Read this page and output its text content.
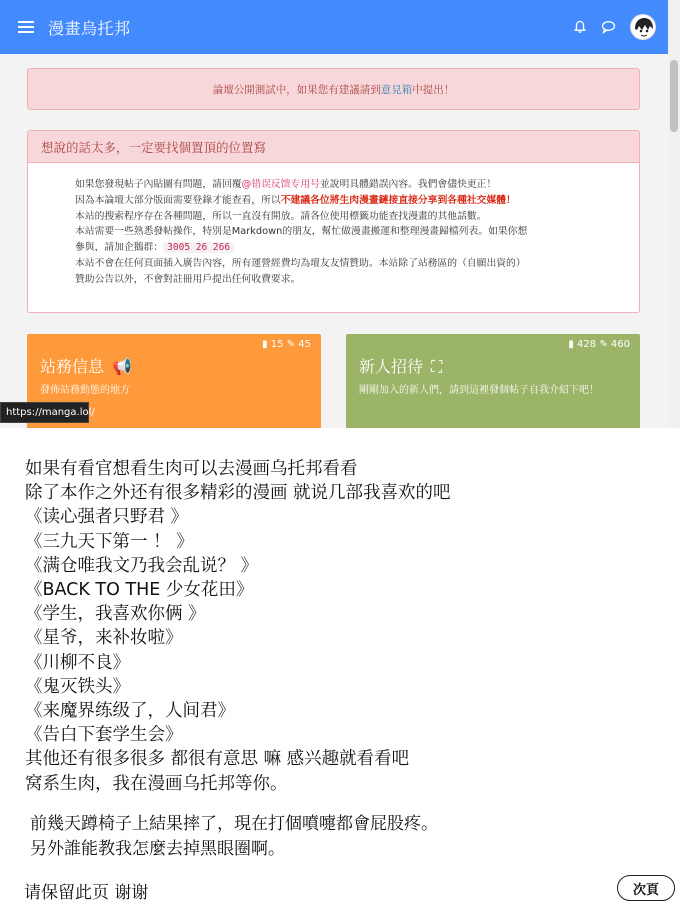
漫畫烏托邦
論壇公開測試中，如果您有建議請到 意見箱 中提出！
想說的話太多，一定要找個置頂的位置寫
如果您發現帖子內貼圖有問題，請回覆@错误反馈专用号並說明具體錯誤內容。我們會儘快更正！
因為本論壇大部分版面需要登錄才能查看，所以不建議各位將生肉漫畫鏈接直接分享到各種社交媒體！
本站的搜索程序存在各種問題，所以一直沒有開放。請各位使用標籤功能查找漫畫的其他話數。
本站需要一些熟悉發帖操作，特別是Markdown的朋友，幫忙做漫畫搬運和整理漫畫歸檔列表。如果你想
參與，請加企鵝群： 3005 26 266
本站不會在任何頁面插入廣告內容，所有運營經費均為壇友友情贊助。本站除了站務區的（自願出資的）
贊助公告以外，不會對註冊用戶提出任何收費要求。
▮ 15 ✎ 45
站務信息 📢
發佈站務動態的地方
▮ 428 ✎ 460
新人招待 ⛶
剛剛加入的新人們，請到這裡發個帖子自我介紹下吧！
https://manga.lol/
如果有看官想看生肉可以去漫画乌托邦看看
除了本作之外还有很多精彩的漫画 就说几部我喜欢的吧
《读心强者只野君 》
《三九天下第一 ！ 》
《满仓唯我文乃我会乱说？ 》
《BACK TO THE 少女花田》
《学生，我喜欢你俩 》
《星爷，来补妆啦》
《川柳不良》
《鬼灭铁头》
《来魔界练级了，人间君》
《告白下套学生会》
其他还有很多很多 都很有意思 嘛 感兴趣就看看吧
窝系生肉，我在漫画乌托邦等你。
前幾天蹲椅子上結果摔了，現在打個噴嚏都會屁股疼。
另外誰能教我怎麼去掉黑眼圈啊。
请保留此页 谢谢	次頁
